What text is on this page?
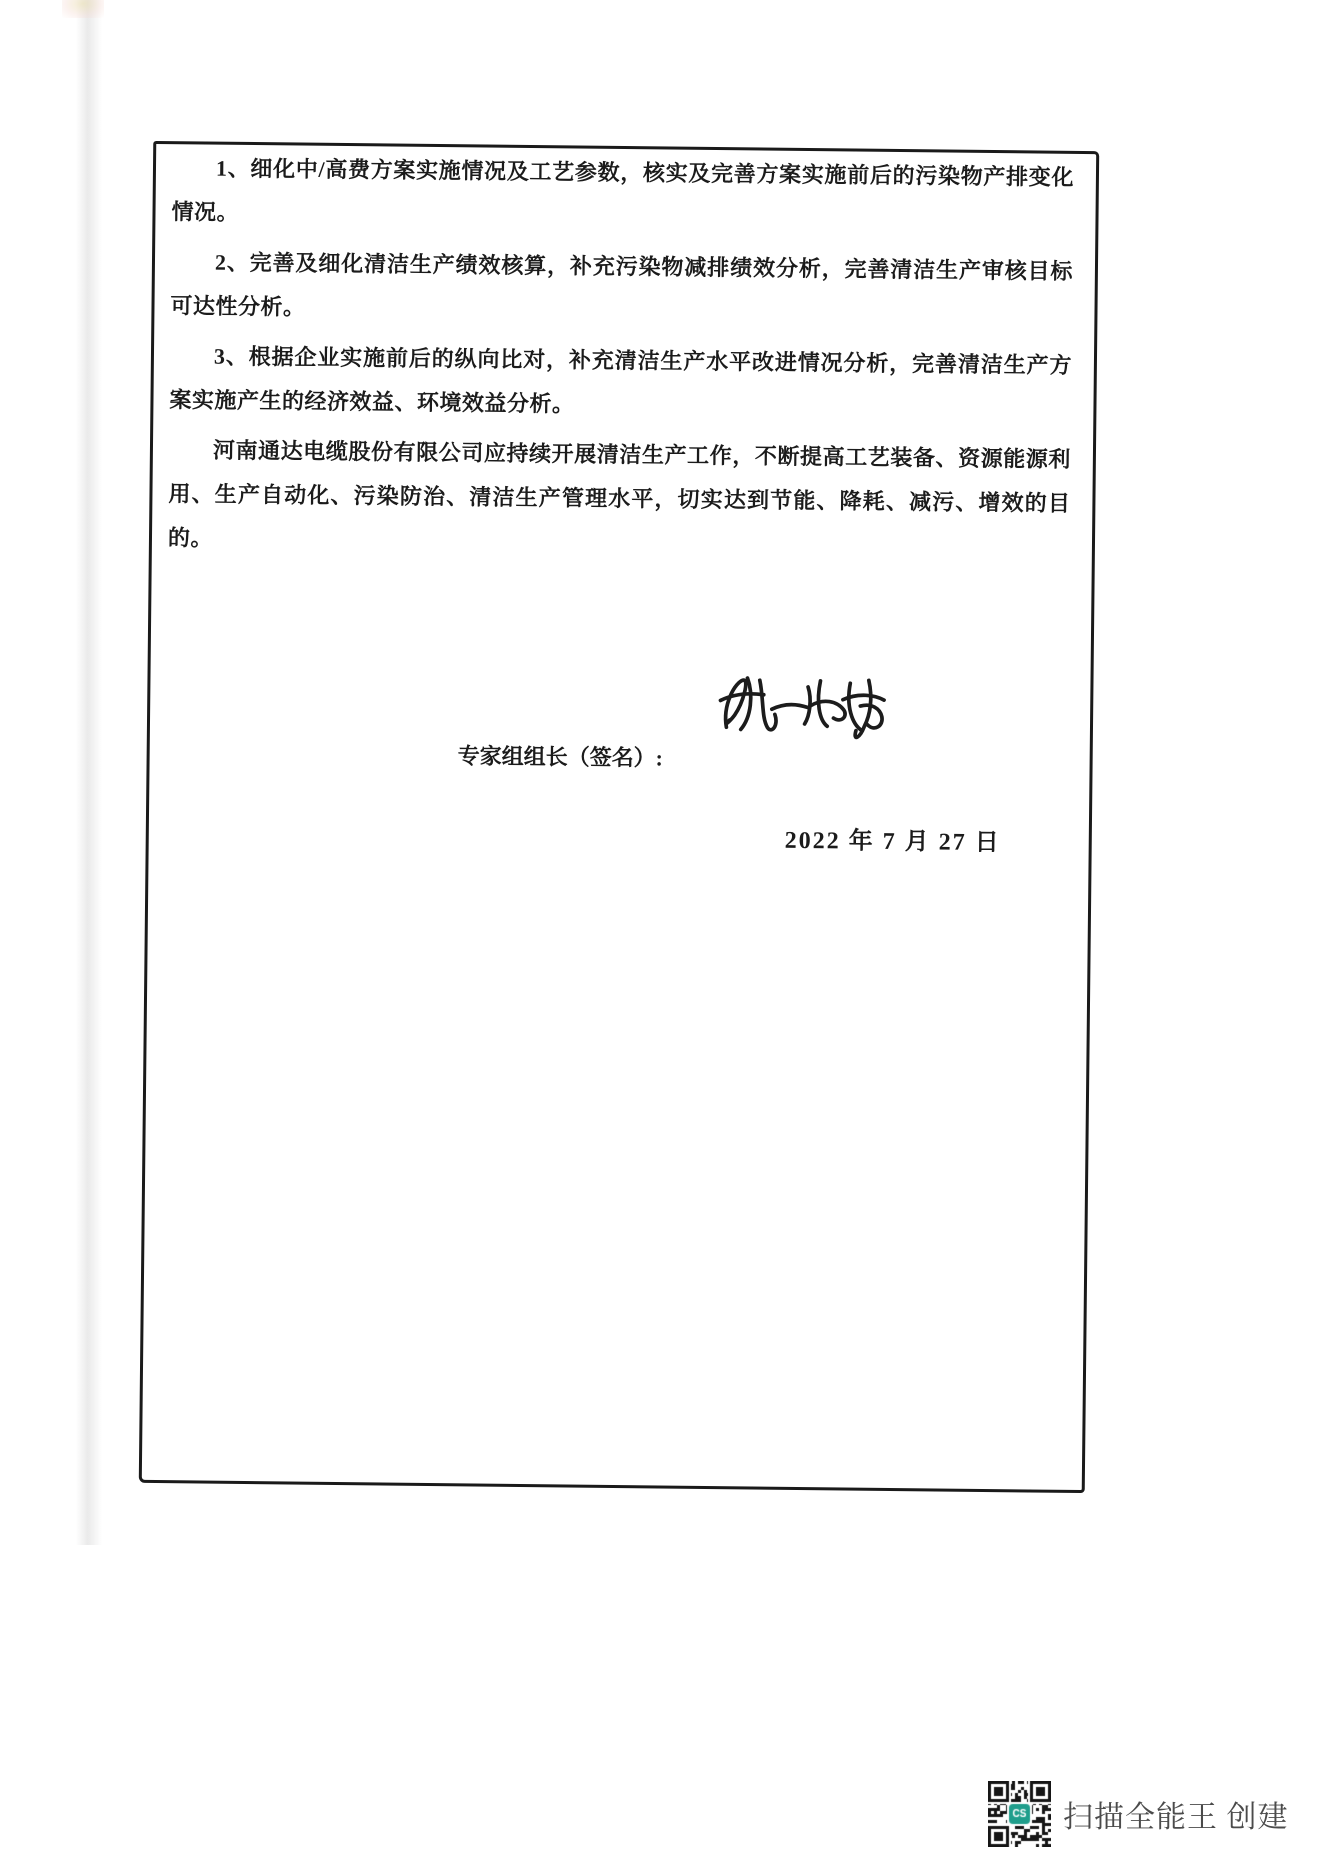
1、细化中/高费方案实施情况及工艺参数，核实及完善方案实施前后的污染物产排变化情况。

2、完善及细化清洁生产绩效核算，补充污染物减排绩效分析，完善清洁生产审核目标可达性分析。

3、根据企业实施前后的纵向比对，补充清洁生产水平改进情况分析，完善清洁生产方案实施产生的经济效益、环境效益分析。

河南通达电缆股份有限公司应持续开展清洁生产工作，不断提高工艺装备、资源能源利用、生产自动化、污染防治、清洁生产管理水平，切实达到节能、降耗、减污、增效的目的。

专家组组长（签名）:
2022 年 7 月 27 日
扫描全能王 创建
